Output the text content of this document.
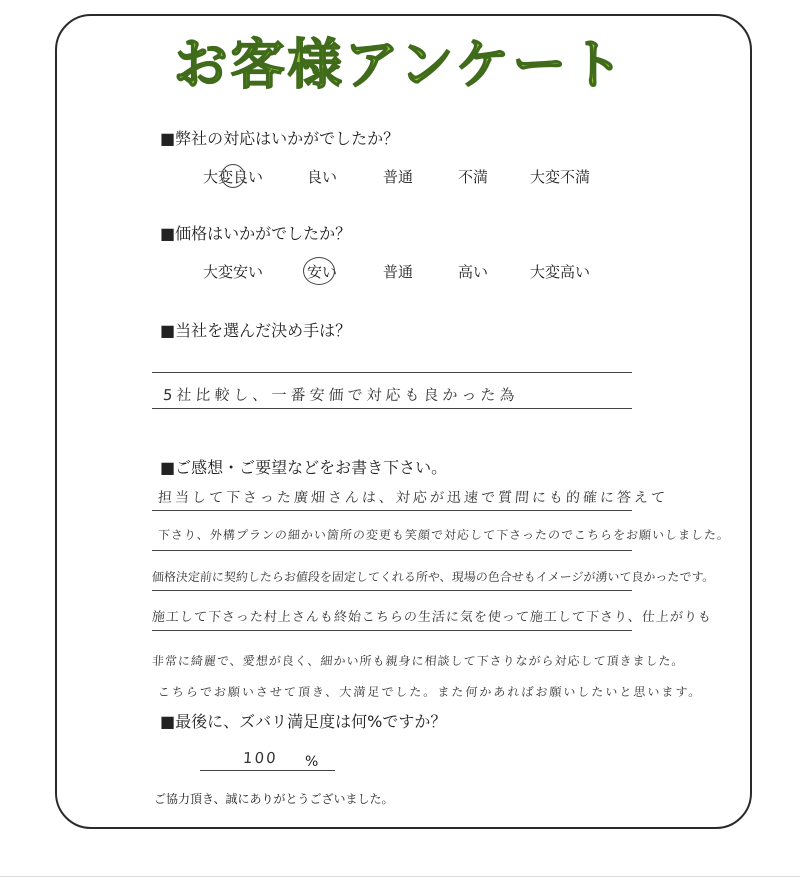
お客様アンケート
■弊社の対応はいかがでしたか？
大変良い	良い	普通	不満	大変不満
■価格はいかがでしたか？
大変安い	安い	普通	高い	大変高い
■当社を選んだ決め手は？
5社比較し、一番安価で対応も良かった為
■ご感想・ご要望などをお書き下さい。
担当して下さった廣畑さんは、対応が迅速で質問にも的確に答えて
下さり、外構プランの細かい箇所の変更も笑顔で対応して下さったのでこちらをお願いしました。
価格決定前に契約したらお値段を固定してくれる所や、現場の色合せもイメージが湧いて良かったです。
施工して下さった村上さんも終始こちらの生活に気を使って施工して下さり、仕上がりも
非常に綺麗で、愛想が良く、細かい所も親身に相談して下さりながら対応して頂きました。
こちらでお願いさせて頂き、大満足でした。また何かあればお願いしたいと思います。
■最後に、ズバリ満足度は何%ですか？
100 %
ご協力頂き、誠にありがとうございました。
